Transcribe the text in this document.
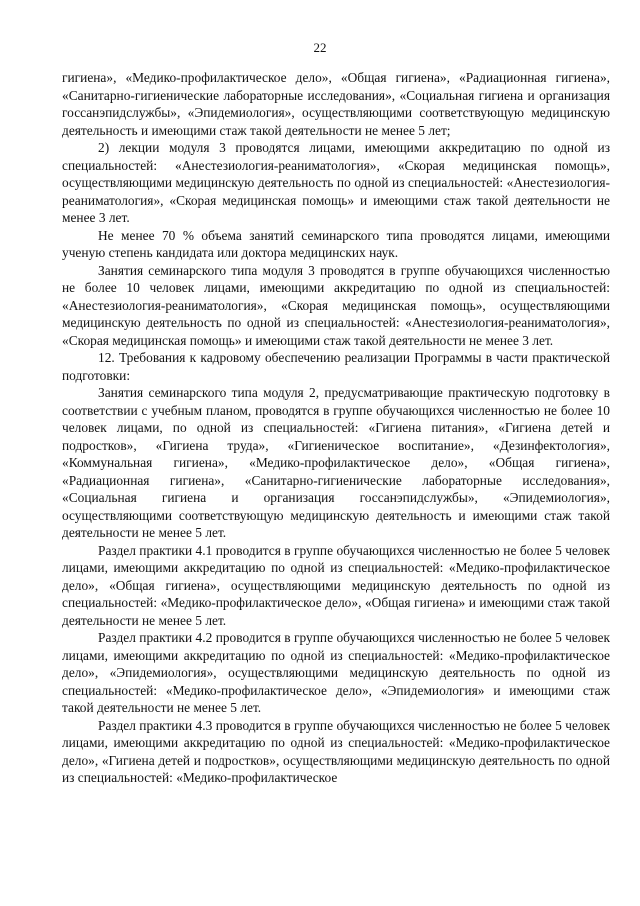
22

гигиена», «Медико-профилактическое дело», «Общая гигиена», «Радиационная гигиена», «Санитарно-гигиенические лабораторные исследования», «Социальная гигиена и организация госсанэпидслужбы», «Эпидемиология», осуществляющими соответствующую медицинскую деятельность и имеющими стаж такой деятельности не менее 5 лет;

2) лекции модуля 3 проводятся лицами, имеющими аккредитацию по одной из специальностей: «Анестезиология-реаниматология», «Скорая медицинская помощь», осуществляющими медицинскую деятельность по одной из специальностей: «Анестезиология-реаниматология», «Скорая медицинская помощь» и имеющими стаж такой деятельности не менее 3 лет.

Не менее 70 % объема занятий семинарского типа проводятся лицами, имеющими ученую степень кандидата или доктора медицинских наук.

Занятия семинарского типа модуля 3 проводятся в группе обучающихся численностью не более 10 человек лицами, имеющими аккредитацию по одной из специальностей: «Анестезиология-реаниматология», «Скорая медицинская помощь», осуществляющими медицинскую деятельность по одной из специальностей: «Анестезиология-реаниматология», «Скорая медицинская помощь» и имеющими стаж такой деятельности не менее 3 лет.

12. Требования к кадровому обеспечению реализации Программы в части практической подготовки:

Занятия семинарского типа модуля 2, предусматривающие практическую подготовку в соответствии с учебным планом, проводятся в группе обучающихся численностью не более 10 человек лицами, по одной из специальностей: «Гигиена питания», «Гигиена детей и подростков», «Гигиена труда», «Гигиеническое воспитание», «Дезинфектология», «Коммунальная гигиена», «Медико-профилактическое дело», «Общая гигиена», «Радиационная гигиена», «Санитарно-гигиенические лабораторные исследования», «Социальная гигиена и организация госсанэпидслужбы», «Эпидемиология», осуществляющими соответствующую медицинскую деятельность и имеющими стаж такой деятельности не менее 5 лет.

Раздел практики 4.1 проводится в группе обучающихся численностью не более 5 человек лицами, имеющими аккредитацию по одной из специальностей: «Медико-профилактическое дело», «Общая гигиена», осуществляющими медицинскую деятельность по одной из специальностей: «Медико-профилактическое дело», «Общая гигиена» и имеющими стаж такой деятельности не менее 5 лет.

Раздел практики 4.2 проводится в группе обучающихся численностью не более 5 человек лицами, имеющими аккредитацию по одной из специальностей: «Медико-профилактическое дело», «Эпидемиология», осуществляющими медицинскую деятельность по одной из специальностей: «Медико-профилактическое дело», «Эпидемиология» и имеющими стаж такой деятельности не менее 5 лет.

Раздел практики 4.3 проводится в группе обучающихся численностью не более 5 человек лицами, имеющими аккредитацию по одной из специальностей: «Медико-профилактическое дело», «Гигиена детей и подростков», осуществляющими медицинскую деятельность по одной из специальностей: «Медико-профилактическое
